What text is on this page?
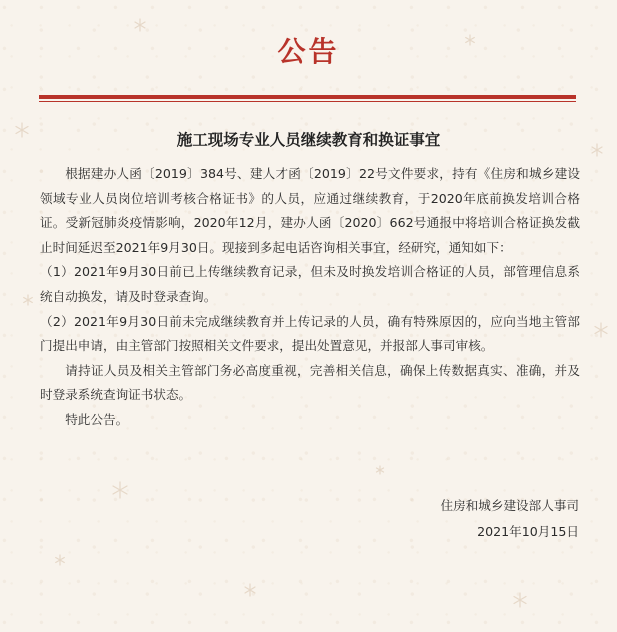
公告
施工现场专业人员继续教育和换证事宜

根据建办人函〔2019〕384号、建人才函〔2019〕22号文件要求，持有《住房和城乡建设领域专业人员岗位培训考核合格证书》的人员，应通过继续教育，于2020年底前换发培训合格证。受新冠肺炎疫情影响，2020年12月，建办人函〔2020〕662号通报中将培训合格证换发截止时间延迟至2021年9月30日。现接到多起电话咨询相关事宜，经研究，通知如下：

（1）2021年9月30日前已上传继续教育记录，但未及时换发培训合格证的人员，部管理信息系统自动换发，请及时登录查询。

（2）2021年9月30日前未完成继续教育并上传记录的人员，确有特殊原因的，应向当地主管部门提出申请，由主管部门按照相关文件要求，提出处置意见，并报部人事司审核。

请持证人员及相关主管部门务必高度重视，完善相关信息，确保上传数据真实、准确，并及时登录系统查询证书状态。

特此公告。

住房和城乡建设部人事司
2021年10月15日
